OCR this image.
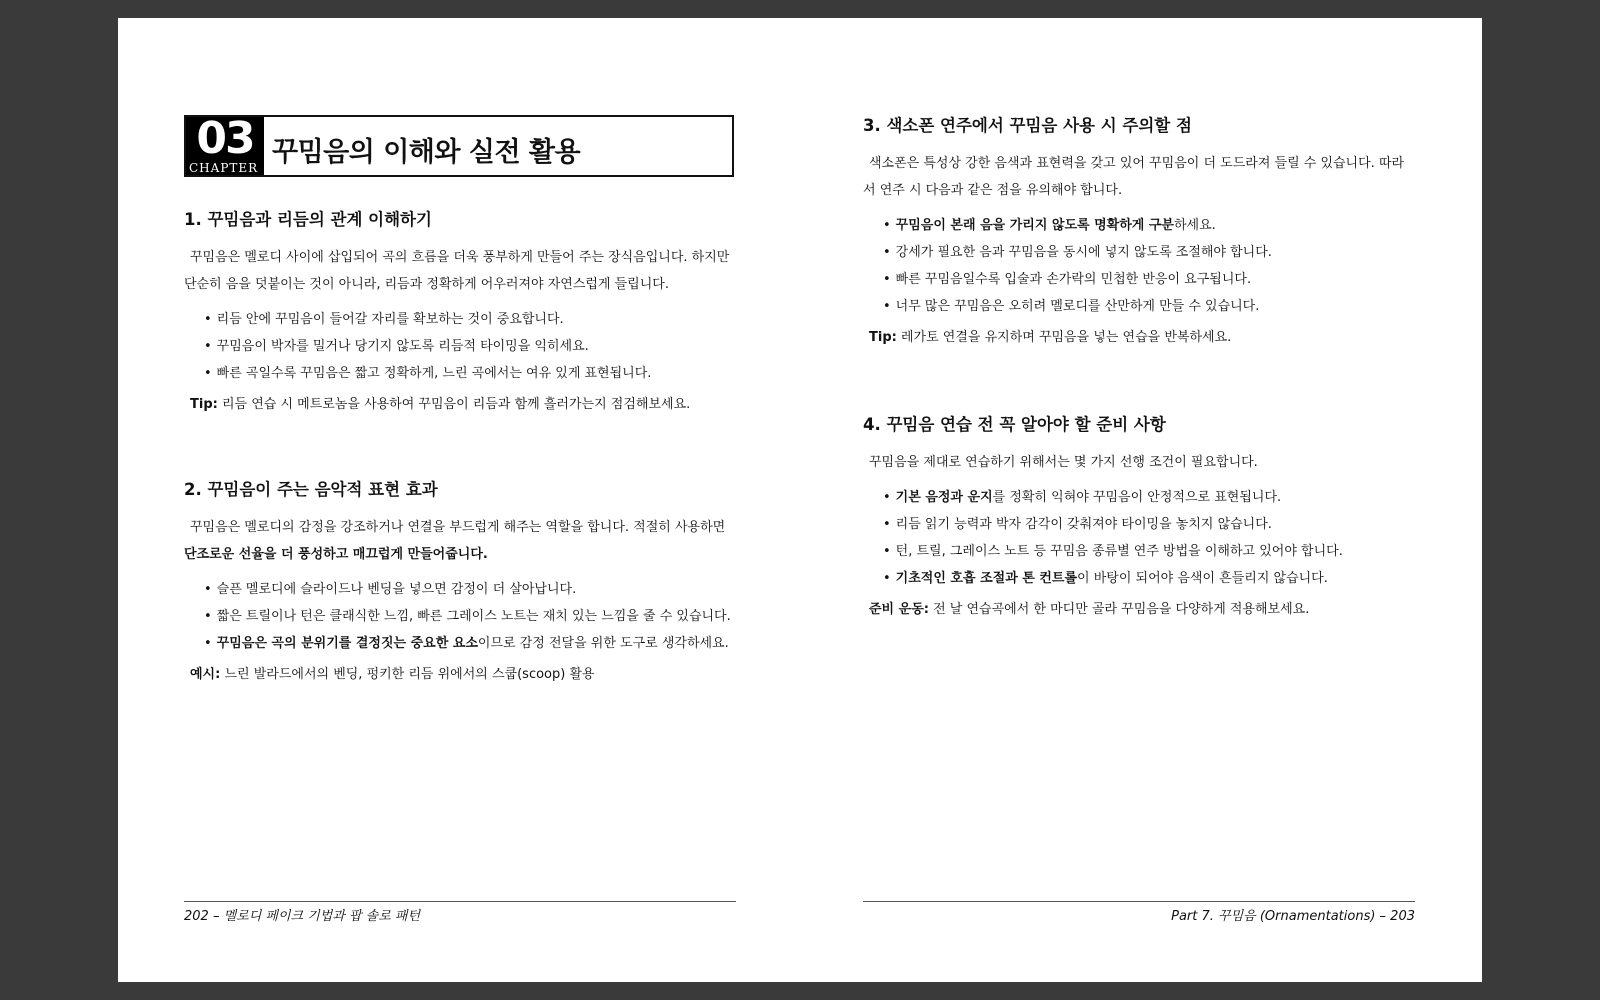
03
CHAPTER 꾸밈음의 이해와 실전 활용
1. 꾸밈음과 리듬의 관계 이해하기

꾸밈음은 멜로디 사이에 삽입되어 곡의 흐름을 더욱 풍부하게 만들어 주는 장식음입니다. 하지만 단순히 음을 덧붙이는 것이 아니라, 리듬과 정확하게 어우러져야 자연스럽게 들립니다.

• 리듬 안에 꾸밈음이 들어갈 자리를 확보하는 것이 중요합니다.
• 꾸밈음이 박자를 밀거나 당기지 않도록 리듬적 타이밍을 익히세요.
• 빠른 곡일수록 꾸밈음은 짧고 정확하게, 느린 곡에서는 여유 있게 표현됩니다.
Tip: 리듬 연습 시 메트로놈을 사용하여 꾸밈음이 리듬과 함께 흘러가는지 점검해보세요.
2. 꾸밈음이 주는 음악적 표현 효과

꾸밈음은 멜로디의 감정을 강조하거나 연결을 부드럽게 해주는 역할을 합니다. 적절히 사용하면 단조로운 선율을 더 풍성하고 매끄럽게 만들어줍니다.

• 슬픈 멜로디에 슬라이드나 벤딩을 넣으면 감정이 더 살아납니다.
• 짧은 트릴이나 턴은 클래식한 느낌, 빠른 그레이스 노트는 재치 있는 느낌을 줄 수 있습니다.
• 꾸밈음은 곡의 분위기를 결정짓는 중요한 요소이므로 감정 전달을 위한 도구로 생각하세요.
예시: 느린 발라드에서의 벤딩, 펑키한 리듬 위에서의 스쿱(scoop) 활용
202 – 멜로디 페이크 기법과 팝 솔로 패턴
3. 색소폰 연주에서 꾸밈음 사용 시 주의할 점

색소폰은 특성상 강한 음색과 표현력을 갖고 있어 꾸밈음이 더 도드라져 들릴 수 있습니다. 따라서 연주 시 다음과 같은 점을 유의해야 합니다.

• 꾸밈음이 본래 음을 가리지 않도록 명확하게 구분하세요.
• 강세가 필요한 음과 꾸밈음을 동시에 넣지 않도록 조절해야 합니다.
• 빠른 꾸밈음일수록 입술과 손가락의 민첩한 반응이 요구됩니다.
• 너무 많은 꾸밈음은 오히려 멜로디를 산만하게 만들 수 있습니다.
Tip: 레가토 연결을 유지하며 꾸밈음을 넣는 연습을 반복하세요.
4. 꾸밈음 연습 전 꼭 알아야 할 준비 사항

꾸밈음을 제대로 연습하기 위해서는 몇 가지 선행 조건이 필요합니다.

• 기본 음정과 운지를 정확히 익혀야 꾸밈음이 안정적으로 표현됩니다.
• 리듬 읽기 능력과 박자 감각이 갖춰져야 타이밍을 놓치지 않습니다.
• 턴, 트릴, 그레이스 노트 등 꾸밈음 종류별 연주 방법을 이해하고 있어야 합니다.
• 기초적인 호흡 조절과 톤 컨트롤이 바탕이 되어야 음색이 흔들리지 않습니다.
준비 운동: 전 날 연습곡에서 한 마디만 골라 꾸밈음을 다양하게 적용해보세요.
Part 7. 꾸밈음 (Ornamentations) – 203
